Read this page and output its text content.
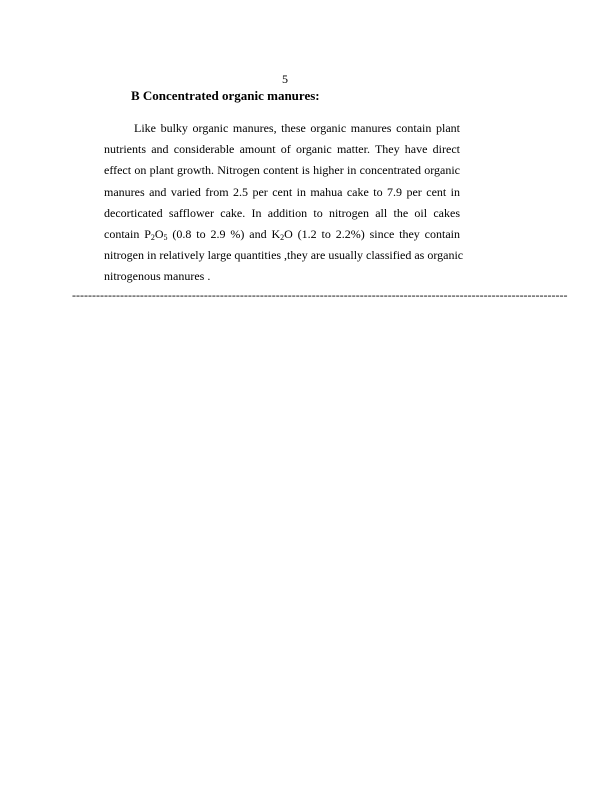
5
B Concentrated organic manures:
Like bulky organic manures, these organic manures contain plant
nutrients and considerable amount of organic matter. They have direct
effect on plant growth. Nitrogen content is higher in concentrated organic
manures and varied from 2.5 per cent in mahua cake to 7.9 per cent in
decorticated safflower cake. In addition to nitrogen all the oil cakes
contain $P_2O_5$ (0.8 to 2.9 %) and $K_2O$ (1.2 to 2.2%) since they contain
nitrogen in relatively large quantities ,they are usually classified as organic
nitrogenous manures .
----------------------------------------------------------------------------------------------------------------------------
